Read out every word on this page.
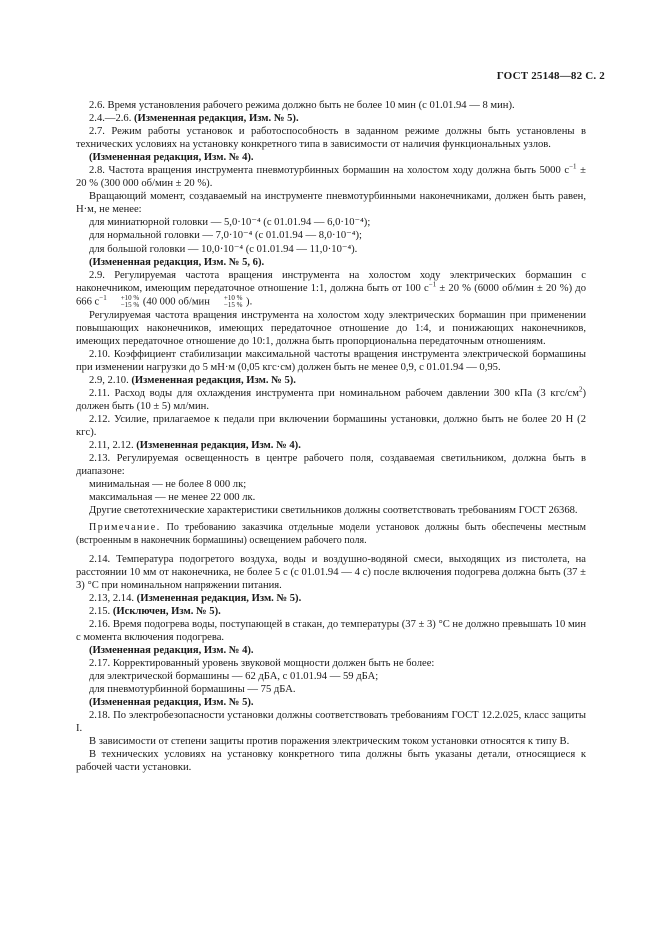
ГОСТ 25148—82 С. 2

2.6. Время установления рабочего режима должно быть не более 10 мин (с 01.01.94 — 8 мин).

2.4.—2.6. (Измененная редакция, Изм. № 5).

2.7. Режим работы установок и работоспособность в заданном режиме должны быть установлены в технических условиях на установку конкретного типа в зависимости от наличия функциональных узлов.

(Измененная редакция, Изм. № 4).

2.8. Частота вращения инструмента пневмотурбинных бормашин на холостом ходу должна быть 5000 $с^{-1} \pm 20$ % (300 000 об/мин ± 20 %).

Вращающий момент, создаваемый на инструменте пневмотурбинными наконечниками, должен быть равен, Н·м, не менее:

для миниатюрной головки — 5,0·10⁻⁴ (с 01.01.94 — 6,0·10⁻⁴);

для нормальной головки — 7,0·10⁻⁴ (с 01.01.94 — 8,0·10⁻⁴);

для большой головки — 10,0·10⁻⁴ (с 01.01.94 — 11,0·10⁻⁴).

(Измененная редакция, Изм. № 5, 6).

2.9. Регулируемая частота вращения инструмента на холостом ходу электрических бормашин с наконечником, имеющим передаточное отношение 1:1, должна быть от 100 $с^{-1} \pm 20$ % (6000 об/мин ± 20 %) до 666 $с^{-1}$	+10 %
−15 % (40 000 об/мин	+10 %
−15 % ).

Регулируемая частота вращения инструмента на холостом ходу электрических бормашин при применении повышающих наконечников, имеющих передаточное отношение до 1:4, и понижающих наконечников, имеющих передаточное отношение до 10:1, должна быть пропорциональна передаточным отношениям.

2.10. Коэффициент стабилизации максимальной частоты вращения инструмента электрической бормашины при изменении нагрузки до 5 мН·м (0,05 кгс·см) должен быть не менее 0,9, с 01.01.94 — 0,95.

2.9, 2.10. (Измененная редакция, Изм. № 5).

2.11. Расход воды для охлаждения инструмента при номинальном рабочем давлении 300 кПа (3 кгс/$см^2$) должен быть (10 ± 5) мл/мин.

2.12. Усилие, прилагаемое к педали при включении бормашины установки, должно быть не более 20 Н (2 кгс).

2.11, 2.12. (Измененная редакция, Изм. № 4).

2.13. Регулируемая освещенность в центре рабочего поля, создаваемая светильником, должна быть в диапазоне:

минимальная — не более 8 000 лк;

максимальная — не менее 22 000 лк.

Другие светотехнические характеристики светильников должны соответствовать требованиям ГОСТ 26368.

Примечание. По требованию заказчика отдельные модели установок должны быть обеспечены местным (встроенным в наконечник бормашины) освещением рабочего поля.

2.14. Температура подогретого воздуха, воды и воздушно-водяной смеси, выходящих из пистолета, на расстоянии 10 мм от наконечника, не более 5 с (с 01.01.94 — 4 с) после включения подогрева должна быть (37 ± 3) °С при номинальном напряжении питания.

2.13, 2.14. (Измененная редакция, Изм. № 5).

2.15. (Исключен, Изм. № 5).

2.16. Время подогрева воды, поступающей в стакан, до температуры (37 ± 3) °С не должно превышать 10 мин с момента включения подогрева.

(Измененная редакция, Изм. № 4).

2.17. Корректированный уровень звуковой мощности должен быть не более:

для электрической бормашины — 62 дБА, с 01.01.94 — 59 дБА;

для пневмотурбинной бормашины — 75 дБА.

(Измененная редакция, Изм. № 5).

2.18. По электробезопасности установки должны соответствовать требованиям ГОСТ 12.2.025, класс защиты I.

В зависимости от степени защиты против поражения электрическим током установки относятся к типу В.

В технических условиях на установку конкретного типа должны быть указаны детали, относящиеся к рабочей части установки.
